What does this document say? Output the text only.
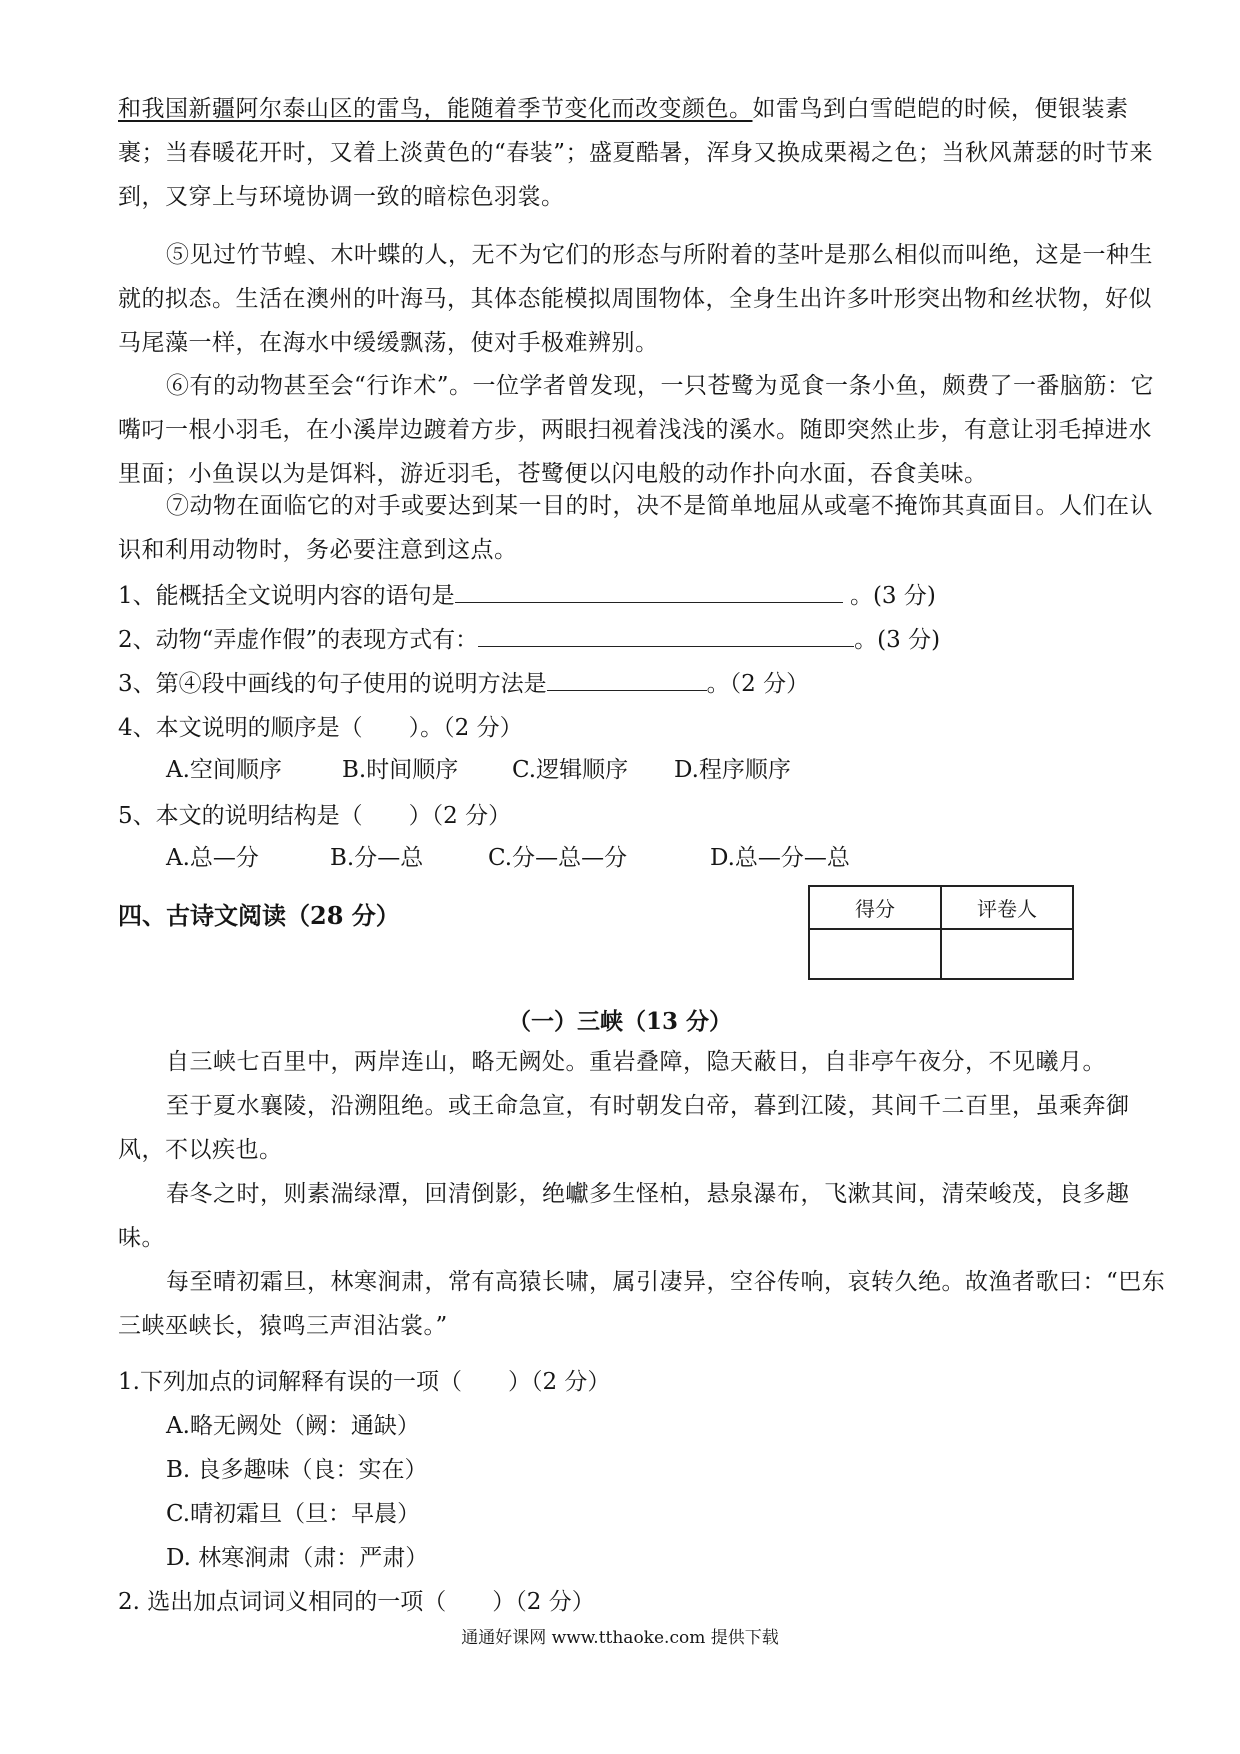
和我国新疆阿尔泰山区的雷鸟，能随着季节变化而改变颜色。如雷鸟到白雪皑皑的时候，便银装素裹；当春暖花开时，又着上淡黄色的“春装”；盛夏酷暑，浑身又换成栗褐之色；当秋风萧瑟的时节来到，又穿上与环境协调一致的暗棕色羽裳。

⑤见过竹节蝗、木叶蝶的人，无不为它们的形态与所附着的茎叶是那么相似而叫绝，这是一种生就的拟态。生活在澳州的叶海马，其体态能模拟周围物体，全身生出许多叶形突出物和丝状物，好似马尾藻一样，在海水中缓缓飘荡，使对手极难辨别。

⑥有的动物甚至会“行诈术”。一位学者曾发现，一只苍鹭为觅食一条小鱼，颇费了一番脑筋：它嘴叼一根小羽毛，在小溪岸边踱着方步，两眼扫视着浅浅的溪水。随即突然止步，有意让羽毛掉进水里面；小鱼误以为是饵料，游近羽毛，苍鹭便以闪电般的动作扑向水面，吞食美味。

⑦动物在面临它的对手或要达到某一目的时，决不是简单地屈从或毫不掩饰其真面目。人们在认识和利用动物时，务必要注意到这点。

1、能概括全文说明内容的语句是	。(3 分)

2、动物“弄虚作假”的表现方式有：	。(3 分)

3、第④段中画线的句子使用的说明方法是	。（2 分）

4、本文说明的顺序是（　　）。（2 分）

A.空间顺序	B.时间顺序 C.逻辑顺序 D.程序顺序

5、本文的说明结构是（　　）（2 分）

A.总—分	B.分—总	C.分—总—分	D.总—分—总
四、古诗文阅读（28 分）	得分	评卷人

（一）三峡（13 分）

自三峡七百里中，两岸连山，略无阙处。重岩叠障，隐天蔽日，自非亭午夜分，不见曦月。

至于夏水襄陵，沿溯阻绝。或王命急宣，有时朝发白帝，暮到江陵，其间千二百里，虽乘奔御风，不以疾也。

春冬之时，则素湍绿潭，回清倒影，绝巘多生怪柏，悬泉瀑布，飞漱其间，清荣峻茂，良多趣味。

每至晴初霜旦，林寒涧肃，常有高猿长啸，属引凄异，空谷传响，哀转久绝。故渔者歌曰：“巴东三峡巫峡长，猿鸣三声泪沾裳。”

1.下列加点的词解释有误的一项（　　）（2 分）

A.略无阙处（阙：通缺）
B. 良多趣味（良：实在）
C.晴初霜旦（旦：早晨）
D. 林寒涧肃（肃：严肃）

2. 选出加点词词义相同的一项（　　）（2 分）

通通好课网 www.tthaoke.com 提供下载
